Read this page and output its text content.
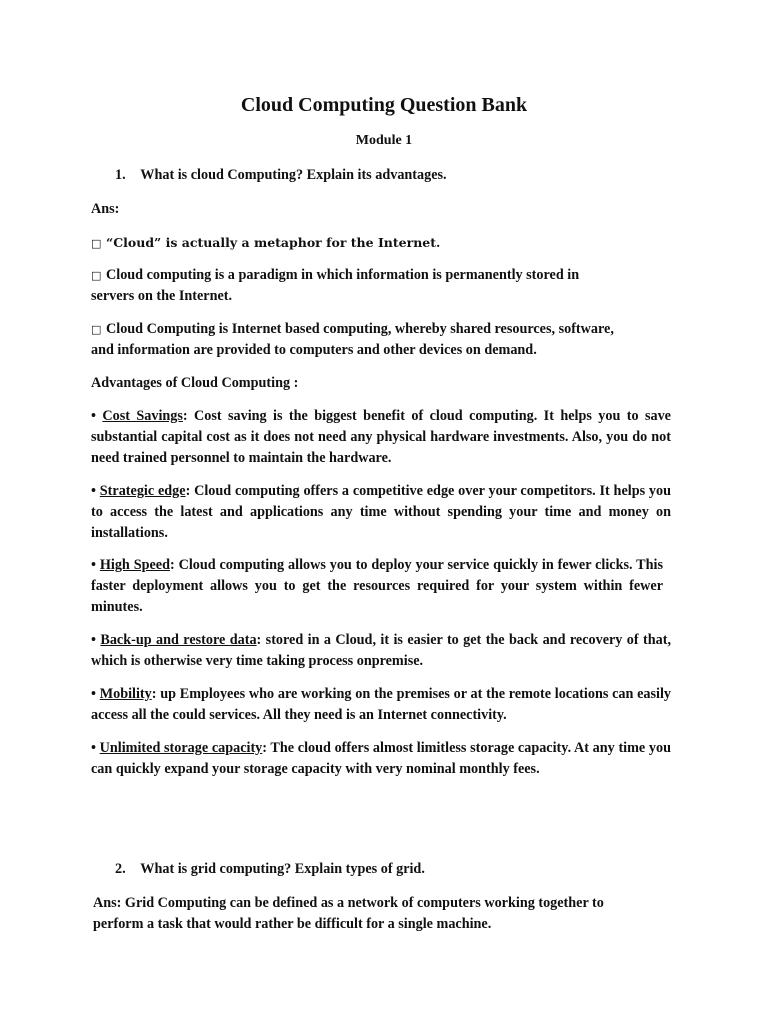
Cloud Computing Question Bank
Module 1
1. What is cloud Computing? Explain its advantages.
Ans:
□ “Cloud” is actually a metaphor for the Internet.
□ Cloud computing is a paradigm in which information is permanently stored in
servers on the Internet.
□ Cloud Computing is Internet based computing, whereby shared resources, software,
and information are provided to computers and other devices on demand.
Advantages of Cloud Computing :
• Cost Savings: Cost saving is the biggest benefit of cloud computing. It helps you to save substantial capital cost as it does not need any physical hardware investments. Also, you do not need trained personnel to maintain the hardware.
• Strategic edge: Cloud computing offers a competitive edge over your competitors. It helps you to access the latest and applications any time without spending your time and money on installations.
• High Speed: Cloud computing allows you to deploy your service quickly in fewer clicks. This faster deployment allows you to get the resources required for your system within fewer minutes.
• Back-up and restore data: stored in a Cloud, it is easier to get the back and recovery of that, which is otherwise very time taking process onpremise.
• Mobility: up Employees who are working on the premises or at the remote locations can easily access all the could services. All they need is an Internet connectivity.
• Unlimited storage capacity: The cloud offers almost limitless storage capacity. At any time you can quickly expand your storage capacity with very nominal monthly fees.
2. What is grid computing? Explain types of grid.
Ans: Grid Computing can be defined as a network of computers working together to perform a task that would rather be difficult for a single machine.
